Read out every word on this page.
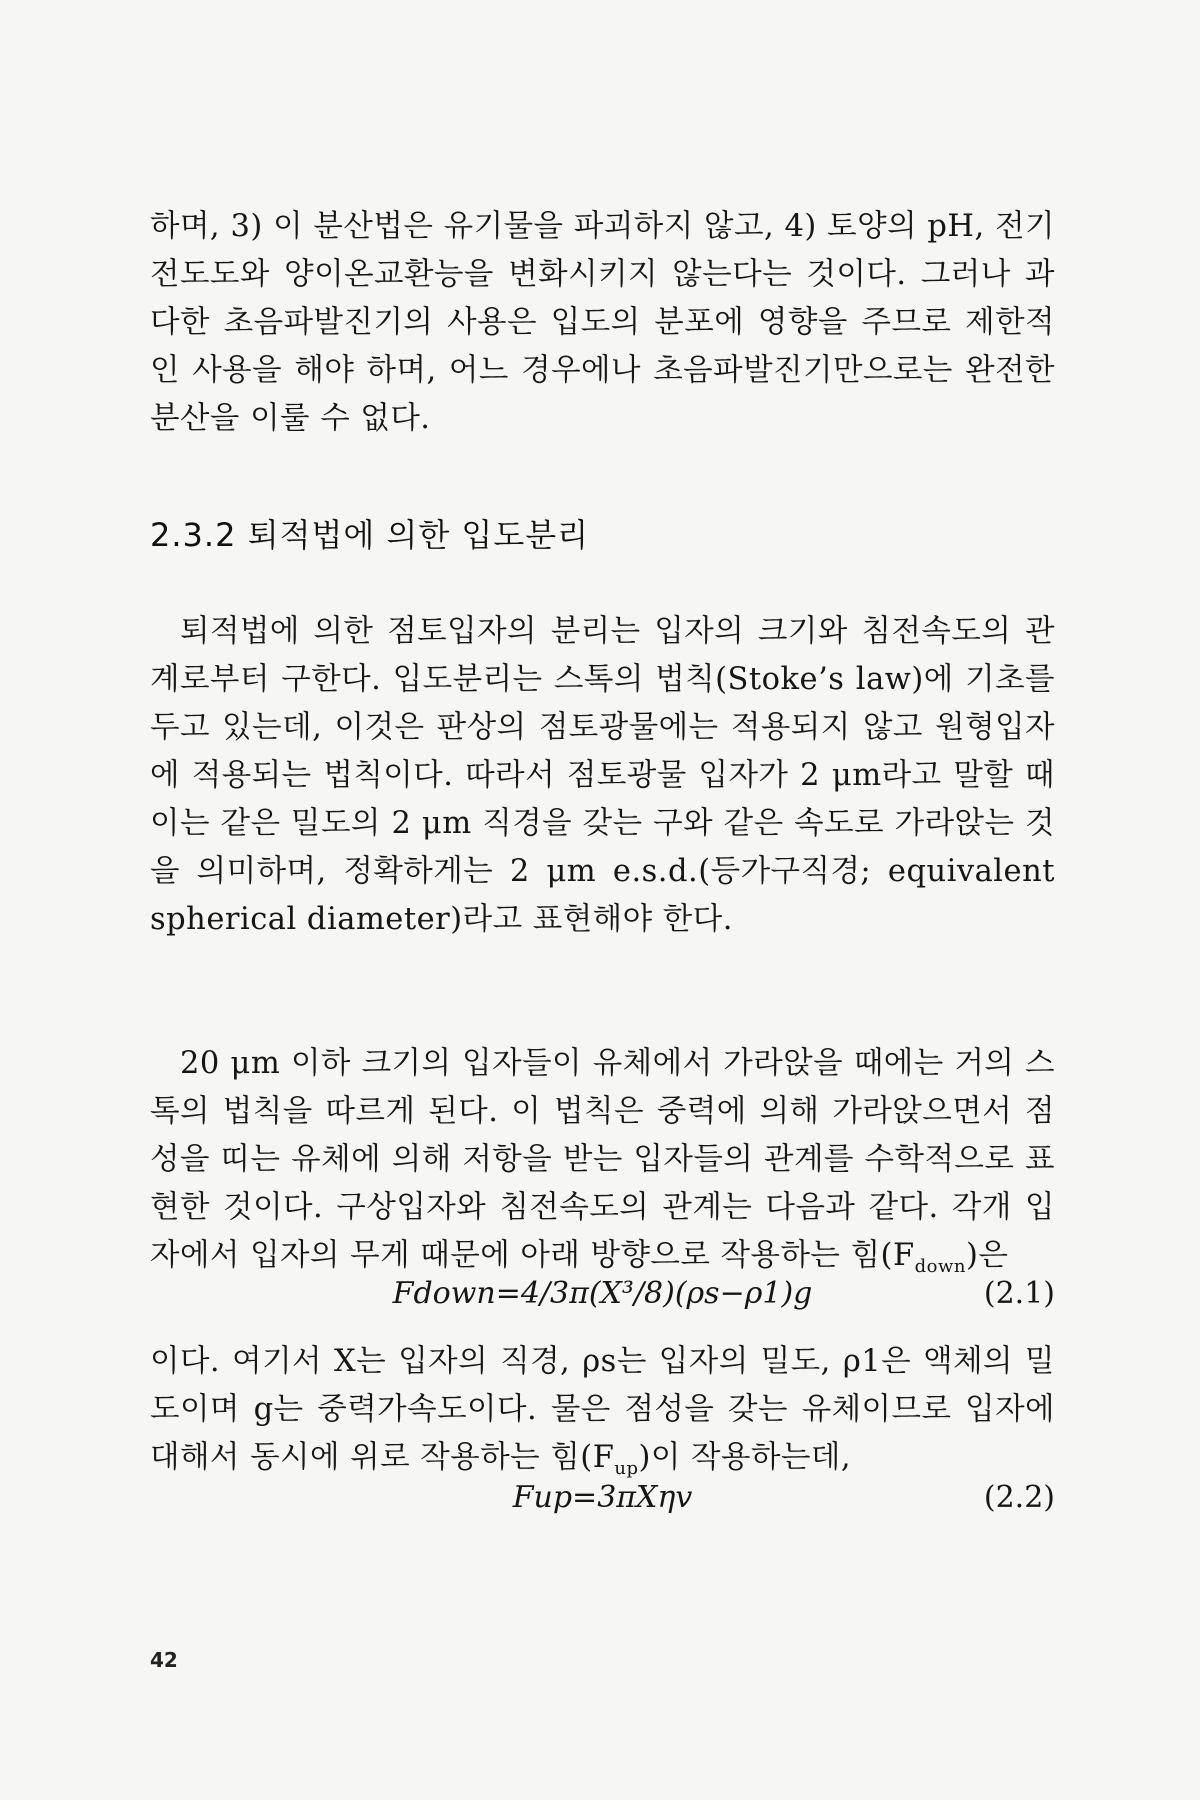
하며, 3) 이 분산법은 유기물을 파괴하지 않고, 4) 토양의 pH, 전기전도도와 양이온교환능을 변화시키지 않는다는 것이다. 그러나 과다한 초음파발진기의 사용은 입도의 분포에 영향을 주므로 제한적인 사용을 해야 하며, 어느 경우에나 초음파발진기만으로는 완전한 분산을 이룰 수 없다.
2.3.2 퇴적법에 의한 입도분리
퇴적법에 의한 점토입자의 분리는 입자의 크기와 침전속도의 관계로부터 구한다. 입도분리는 스톡의 법칙(Stoke’s law)에 기초를 두고 있는데, 이것은 판상의 점토광물에는 적용되지 않고 원형입자에 적용되는 법칙이다. 따라서 점토광물 입자가 2 μm라고 말할 때 이는 같은 밀도의 2 μm 직경을 갖는 구와 같은 속도로 가라앉는 것을 의미하며, 정확하게는 2 μm e.s.d.(등가구직경; equivalent spherical diameter)라고 표현해야 한다.
20 μm 이하 크기의 입자들이 유체에서 가라앉을 때에는 거의 스톡의 법칙을 따르게 된다. 이 법칙은 중력에 의해 가라앉으면서 점성을 띠는 유체에 의해 저항을 받는 입자들의 관계를 수학적으로 표현한 것이다. 구상입자와 침전속도의 관계는 다음과 같다. 각개 입자에서 입자의 무게 때문에 아래 방향으로 작용하는 힘$(F_{down})$은
Fdown=4/3π(X³/8)(ρs−ρ1)g	(2.1)
이다. 여기서 X는 입자의 직경, ρs는 입자의 밀도, ρ1은 액체의 밀도이며 g는 중력가속도이다. 물은 점성을 갖는 유체이므로 입자에 대해서 동시에 위로 작용하는 힘$(F_{up})$이 작용하는데,
Fup=3πXηv	(2.2)
42
